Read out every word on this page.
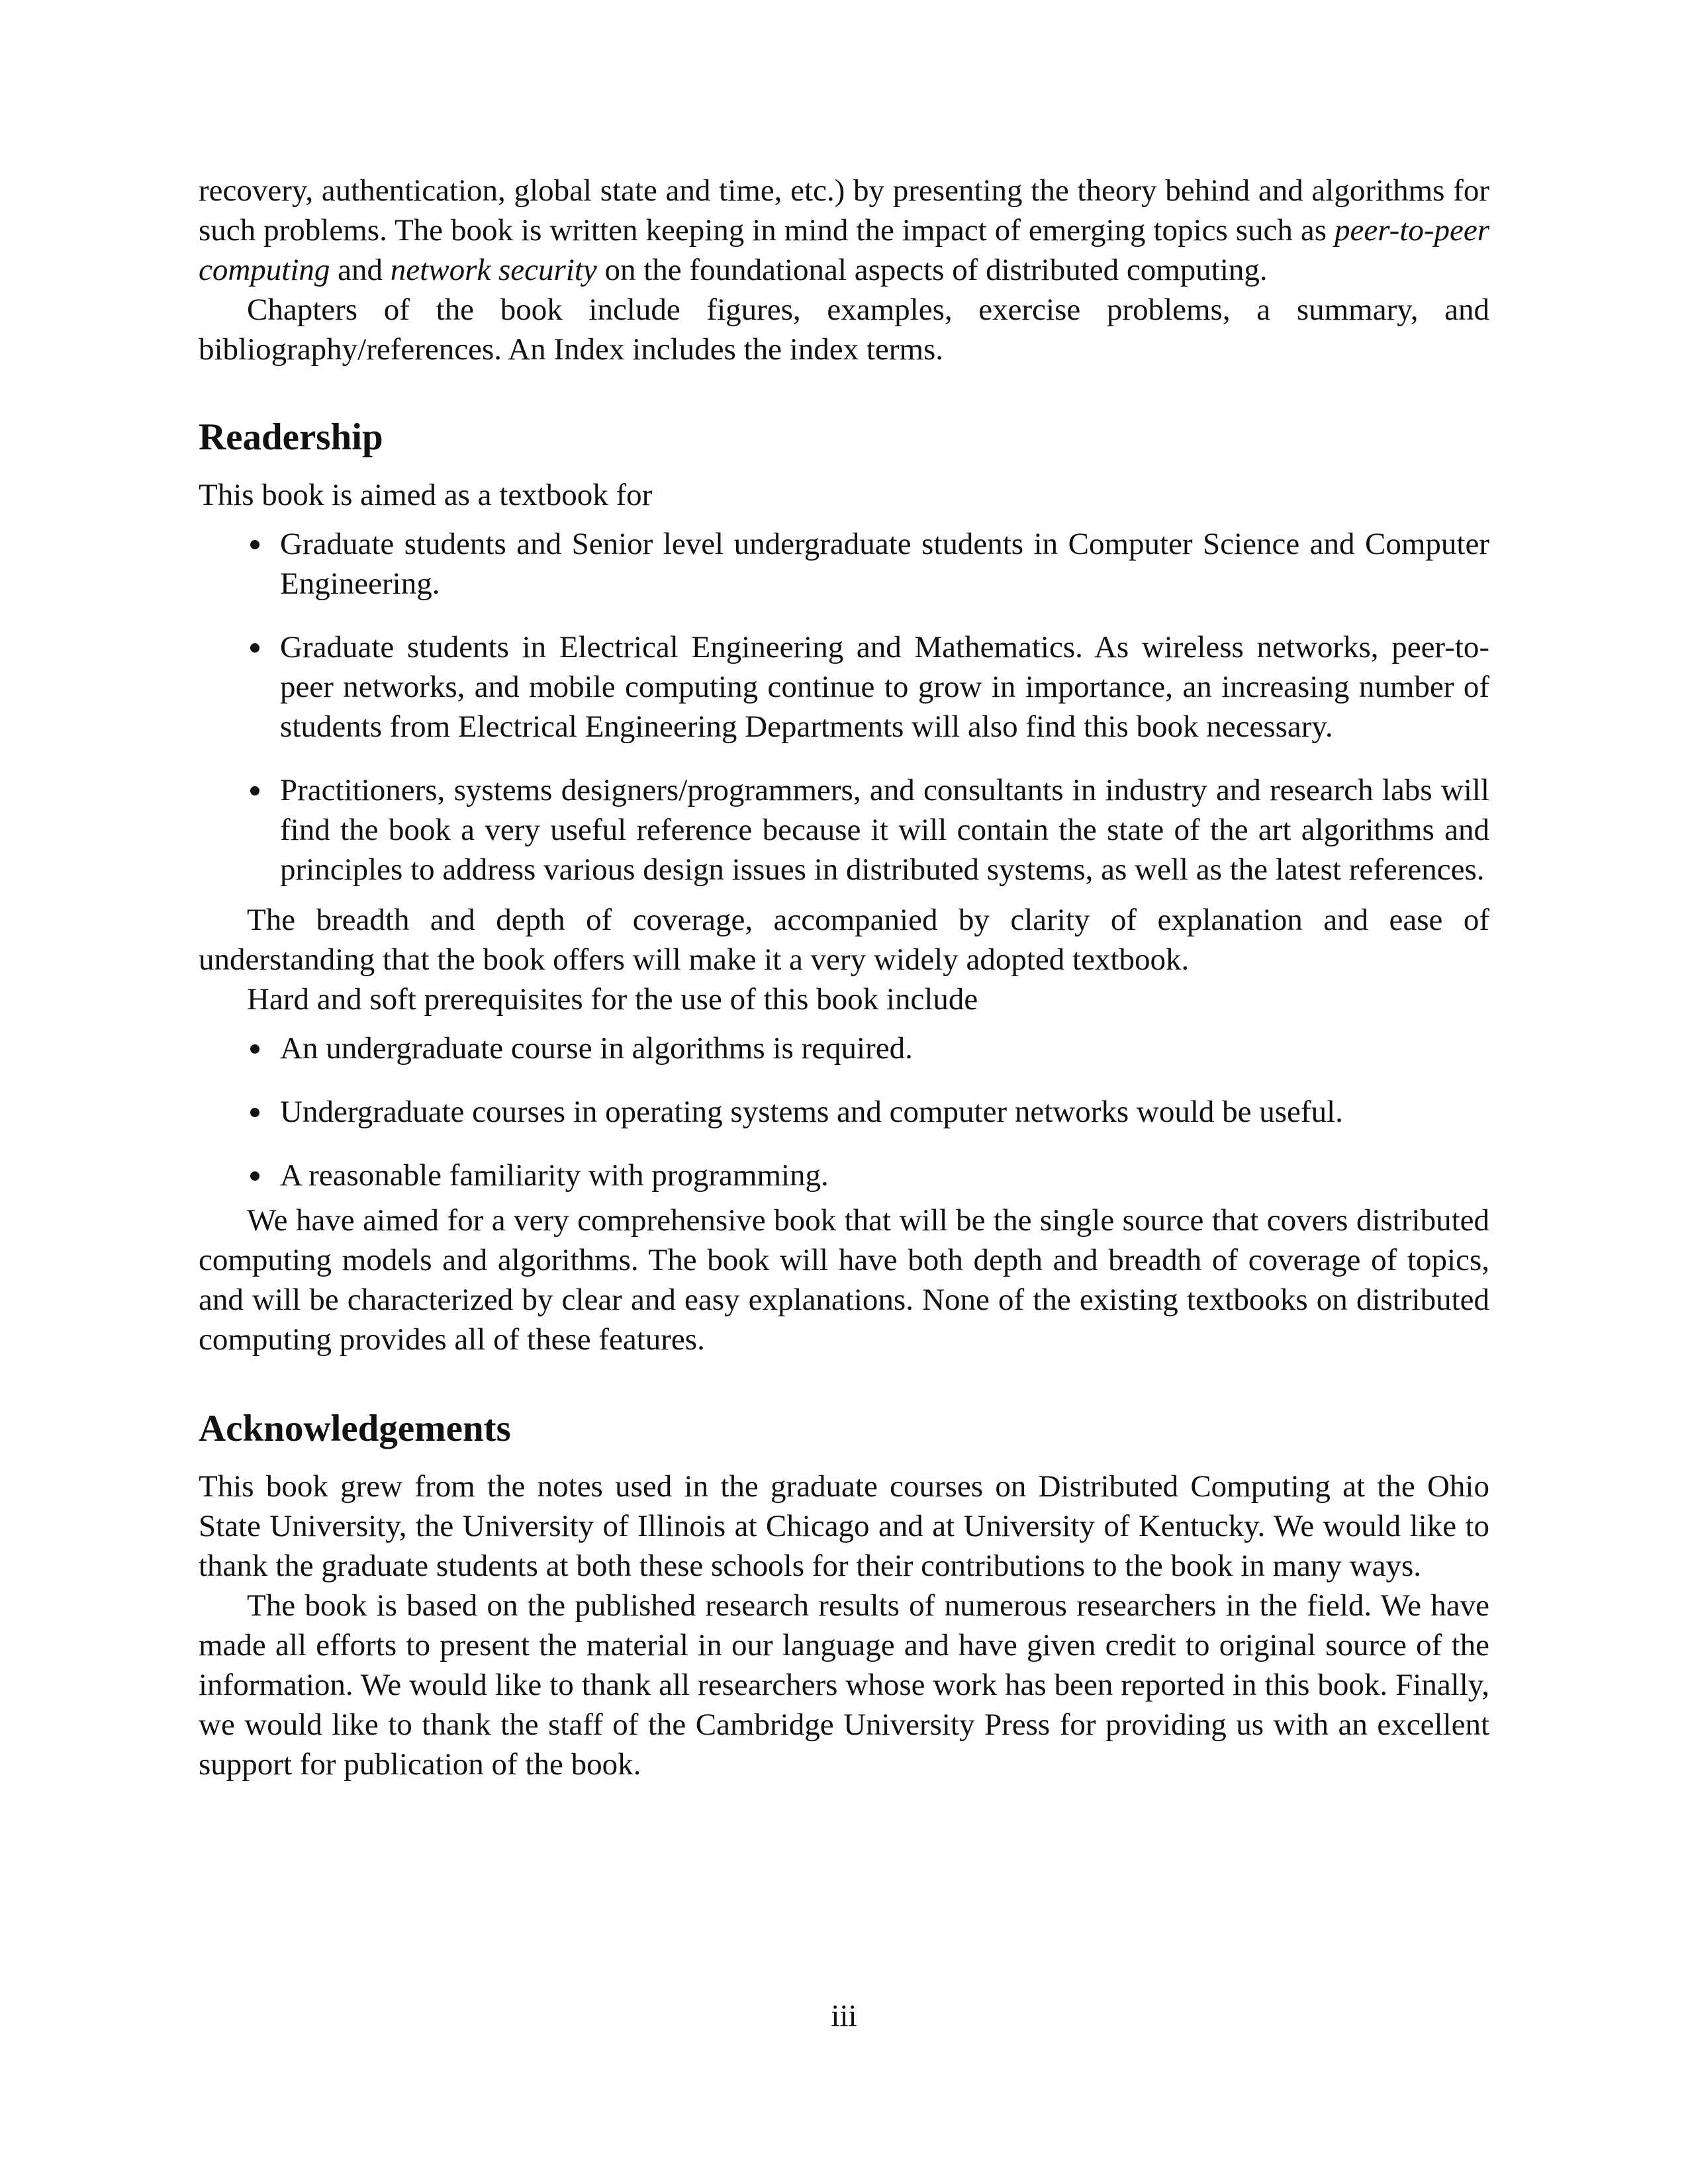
recovery, authentication, global state and time, etc.) by presenting the theory behind and algorithms for such problems. The book is written keeping in mind the impact of emerging topics such as peer-to-peer computing and network security on the foundational aspects of distributed computing.

Chapters of the book include figures, examples, exercise problems, a summary, and bibliography/references. An Index includes the index terms.

Readership

This book is aimed as a textbook for

Graduate students and Senior level undergraduate students in Computer Science and Computer Engineering.
Graduate students in Electrical Engineering and Mathematics. As wireless networks, peer-to-peer networks, and mobile computing continue to grow in importance, an increasing number of students from Electrical Engineering Departments will also find this book necessary.
Practitioners, systems designers/programmers, and consultants in industry and research labs will find the book a very useful reference because it will contain the state of the art algorithms and principles to address various design issues in distributed systems, as well as the latest references.

The breadth and depth of coverage, accompanied by clarity of explanation and ease of understanding that the book offers will make it a very widely adopted textbook.

Hard and soft prerequisites for the use of this book include

An undergraduate course in algorithms is required.
Undergraduate courses in operating systems and computer networks would be useful.
A reasonable familiarity with programming.

We have aimed for a very comprehensive book that will be the single source that covers distributed computing models and algorithms. The book will have both depth and breadth of coverage of topics, and will be characterized by clear and easy explanations. None of the existing textbooks on distributed computing provides all of these features.

Acknowledgements

This book grew from the notes used in the graduate courses on Distributed Computing at the Ohio State University, the University of Illinois at Chicago and at University of Kentucky. We would like to thank the graduate students at both these schools for their contributions to the book in many ways.

The book is based on the published research results of numerous researchers in the field. We have made all efforts to present the material in our language and have given credit to original source of the information. We would like to thank all researchers whose work has been reported in this book. Finally, we would like to thank the staff of the Cambridge University Press for providing us with an excellent support for publication of the book.

iii
